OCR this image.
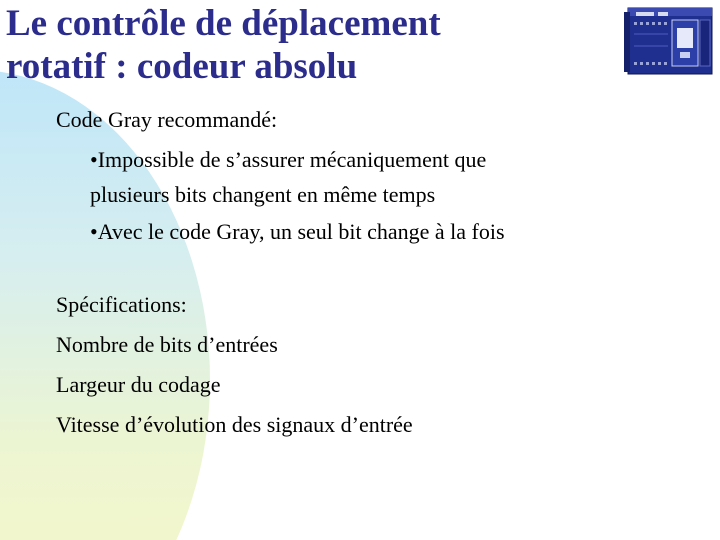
Le contrôle de déplacement
rotatif : codeur absolu
Code Gray recommandé:
•Impossible de s’assurer mécaniquement que
plusieurs bits changent en même temps
•Avec le code Gray, un seul bit change à la fois
Spécifications:
Nombre de bits d’entrées
Largeur du codage
Vitesse d’évolution des signaux d’entrée
